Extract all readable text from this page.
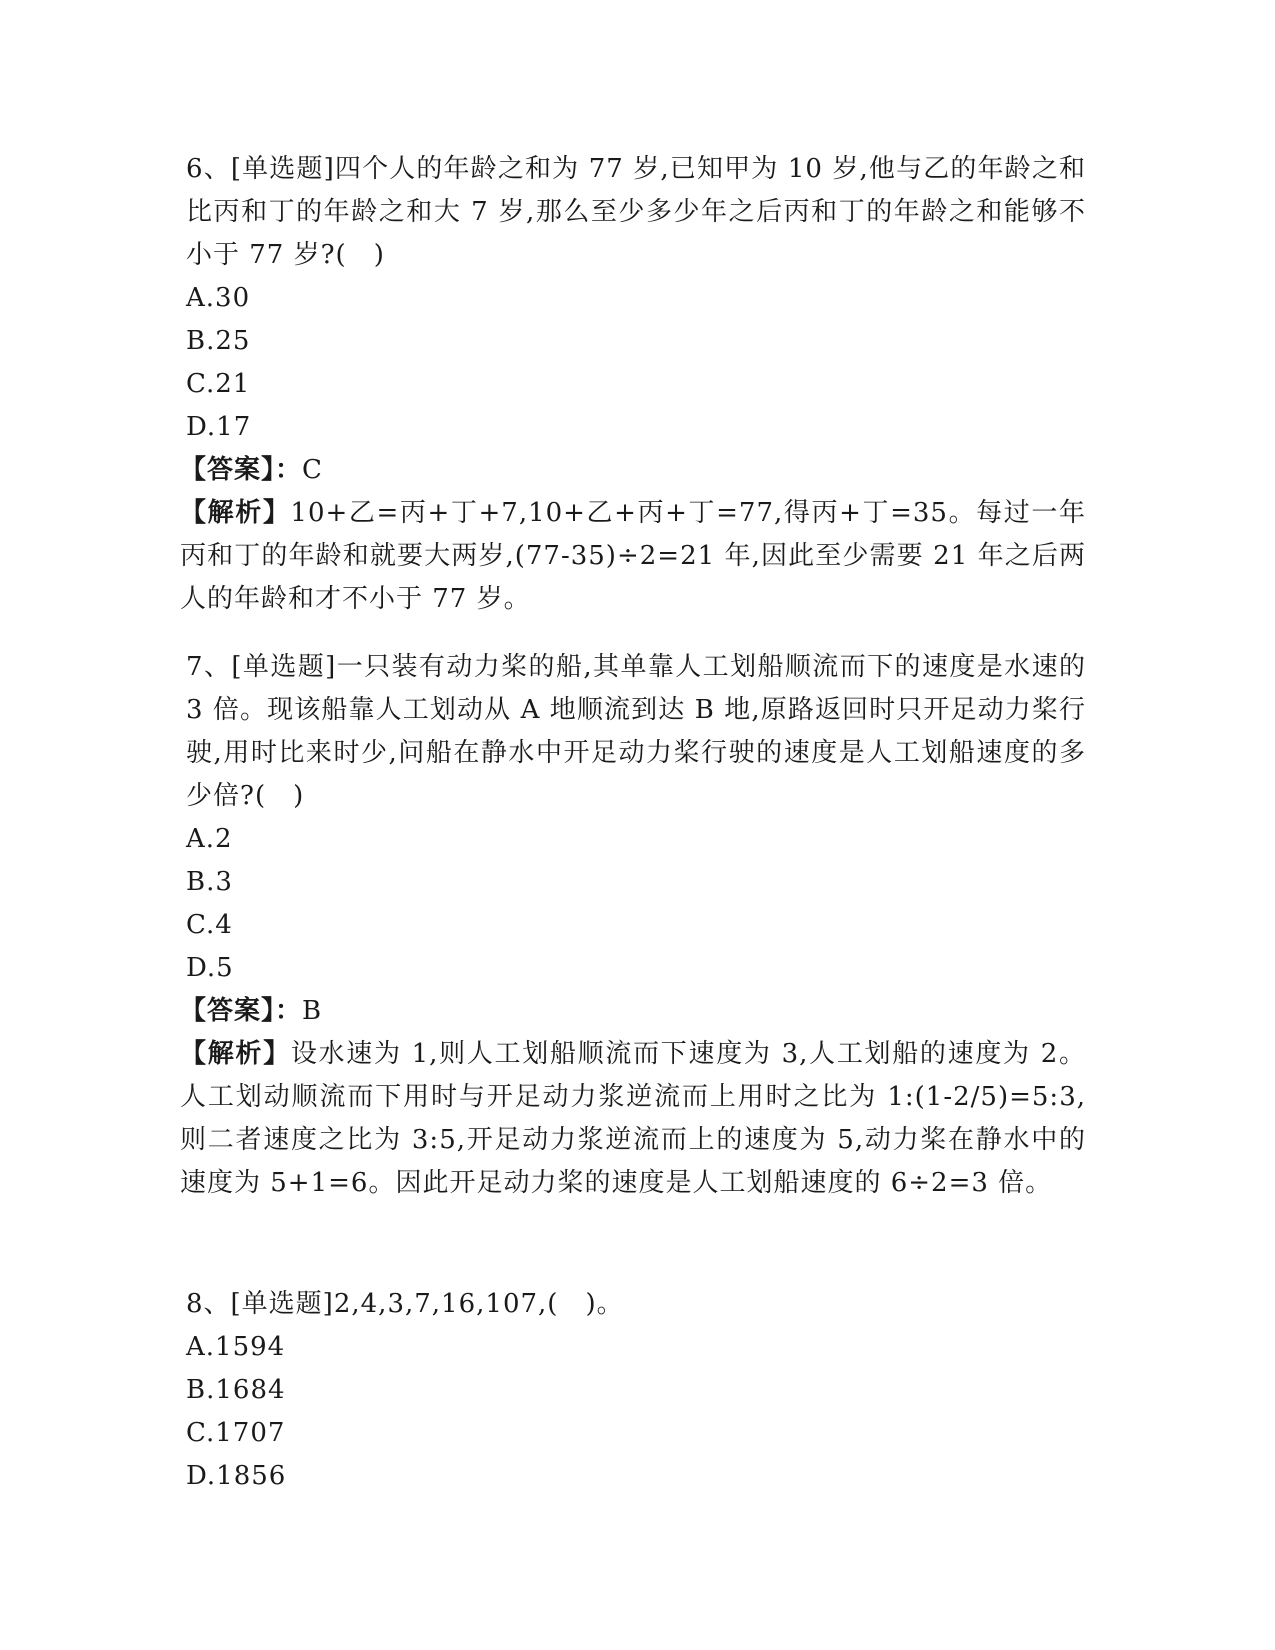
6、[单选题]四个人的年龄之和为 77 岁,已知甲为 10 岁,他与乙的年龄之和比丙和丁的年龄之和大 7 岁,那么至少多少年之后丙和丁的年龄之和能够不小于 77 岁?(　)

A.30

B.25

C.21

D.17

【答案】：C

【解析】10+乙=丙+丁+7,10+乙+丙+丁=77,得丙+丁=35。每过一年丙和丁的年龄和就要大两岁,(77-35)÷2=21 年,因此至少需要 21 年之后两人的年龄和才不小于 77 岁。

7、[单选题]一只装有动力桨的船,其单靠人工划船顺流而下的速度是水速的 3 倍。现该船靠人工划动从 A 地顺流到达 B 地,原路返回时只开足动力桨行驶,用时比来时少,问船在静水中开足动力桨行驶的速度是人工划船速度的多少倍?(　)

A.2

B.3

C.4

D.5

【答案】：B

【解析】设水速为 1,则人工划船顺流而下速度为 3,人工划船的速度为 2。人工划动顺流而下用时与开足动力浆逆流而上用时之比为 1:(1-2/5)=5:3,则二者速度之比为 3:5,开足动力浆逆流而上的速度为 5,动力桨在静水中的速度为 5+1=6。因此开足动力桨的速度是人工划船速度的 6÷2=3 倍。

8、[单选题]2,4,3,7,16,107,(　)。

A.1594

B.1684

C.1707

D.1856
